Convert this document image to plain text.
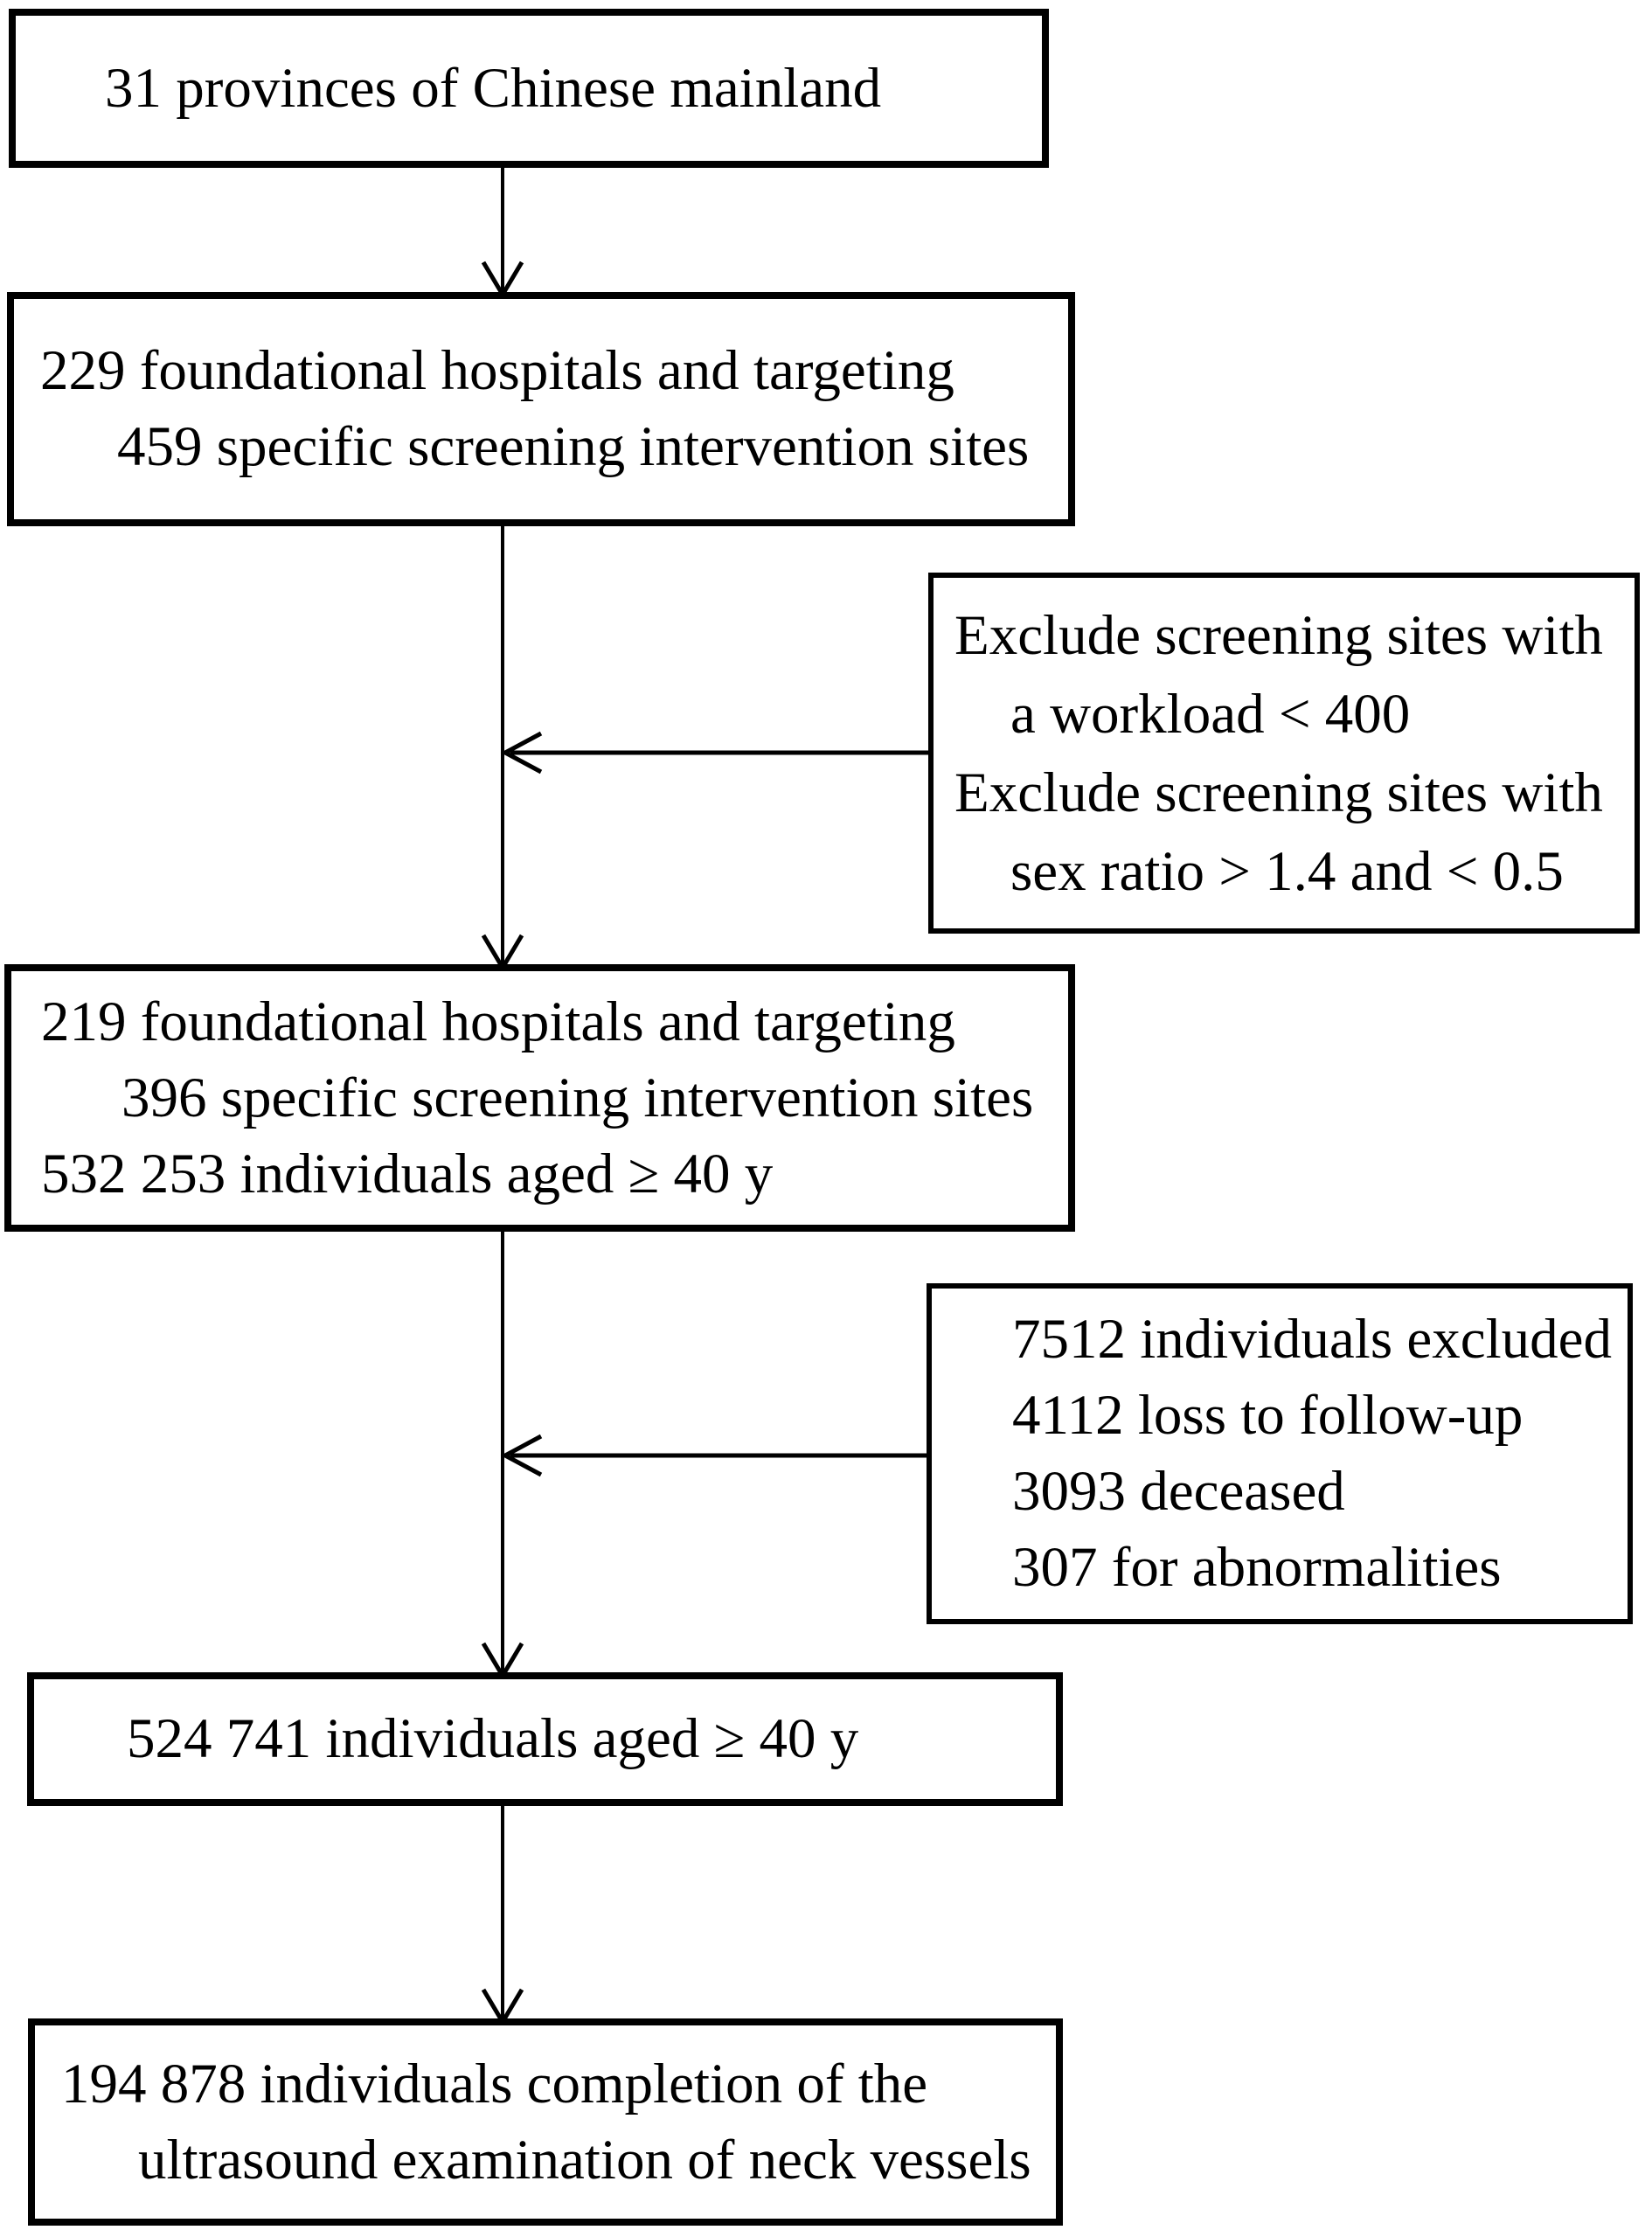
31 provinces of Chinese mainland
229 foundational hospitals and targeting
459 specific screening intervention sites
Exclude screening sites with
a workload < 400
Exclude screening sites with
sex ratio > 1.4 and < 0.5
219 foundational hospitals and targeting
396 specific screening intervention sites
532 253 individuals aged ≥ 40 y
7512 individuals excluded
4112 loss to follow-up
3093 deceased
307 for abnormalities
524 741 individuals aged ≥ 40 y
194 878 individuals completion of the
ultrasound examination of neck vessels
